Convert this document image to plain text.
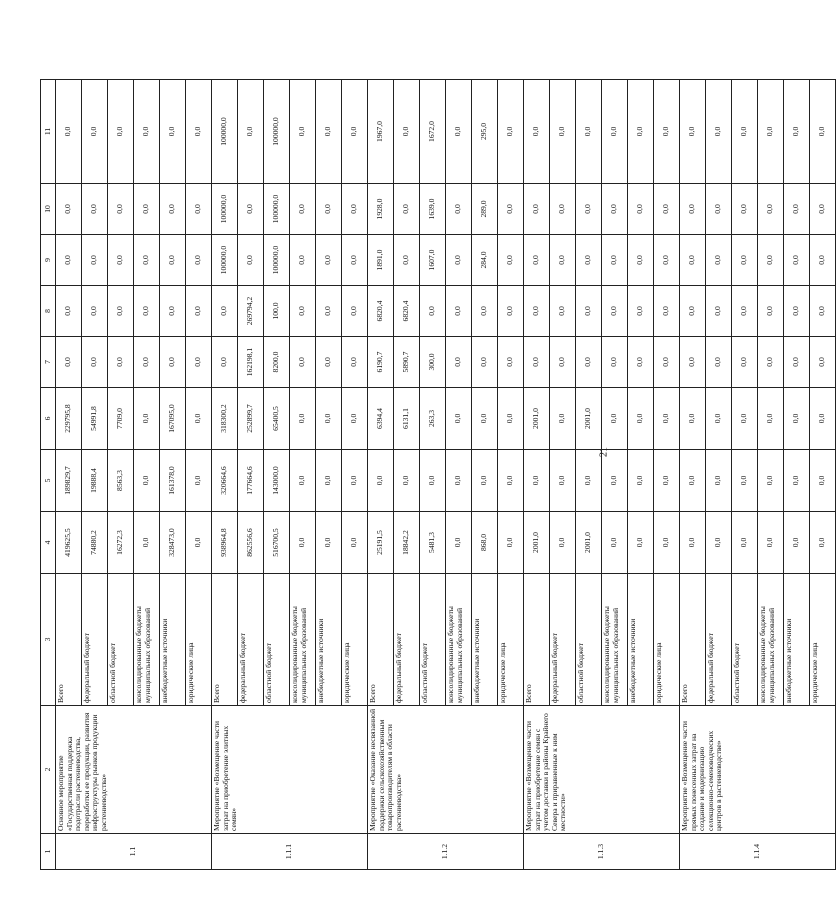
21
1	2	3	4	5	6	7	8	9	10	11
1.1	Основное мероприятие «Государственная поддержка подотрасли растениеводства, переработки ее продукции, развития инфраструктуры рынков продукции растениеводства»	Всего	419625,5	189829,7	229795,8	0,0	0,0	0,0	0,0	0,0
		федеральный бюджет	74880,2	19888,4	54991,8	0,0	0,0	0,0	0,0	0,0
		областной бюджет	16272,3	8563,3	7709,0	0,0	0,0	0,0	0,0	0,0
		консолидированные бюджеты муниципальных образований	0,0	0,0	0,0	0,0	0,0	0,0	0,0	0,0
		внебюджетные источники	328473,0	161378,0	167095,0	0,0	0,0	0,0	0,0	0,0
		юридические лица	0,0	0,0	0,0	0,0	0,0	0,0	0,0	0,0
1.1.1	Мероприятие «Возмещение части затрат на приобретение элитных семян»	Всего	938964,8	320664,6	318300,2	0,0	0,0	100000,0	100000,0	100000,0
		федеральный бюджет	862556,6	177664,6	252899,7	162198,1	269794,2	0,0	0,0	0,0
		областной бюджет	516700,5	143000,0	65400,5	8200,0	100,0	100000,0	100000,0	100000,0
		консолидированные бюджеты муниципальных образований	0,0	0,0	0,0	0,0	0,0	0,0	0,0	0,0
		внебюджетные источники	0,0	0,0	0,0	0,0	0,0	0,0	0,0	0,0
		юридические лица	0,0	0,0	0,0	0,0	0,0	0,0	0,0	0,0
1.1.2	Мероприятие «Оказание несвязанной поддержки сельскохозяйственным товаропроизводителям в области растениеводства»	Всего	25191,5	0,0	6394,4	6190,7	6820,4	1891,0	1928,0	1967,0
		федеральный бюджет	18842,2	0,0	6131,1	5890,7	6820,4	0,0	0,0	0,0
		областной бюджет	5481,3	0,0	263,3	300,0	0,0	1607,0	1639,0	1672,0
		консолидированные бюджеты муниципальных образований	0,0	0,0	0,0	0,0	0,0	0,0	0,0	0,0
		внебюджетные источники	868,0	0,0	0,0	0,0	0,0	284,0	289,0	295,0
		юридические лица	0,0	0,0	0,0	0,0	0,0	0,0	0,0	0,0
1.1.3	Мероприятие «Возмещение части затрат на приобретение семян с учетом доставки в районы Крайнего Севера и приравненные к ним местности»	Всего	2001,0	0,0	2001,0	0,0	0,0	0,0	0,0	0,0
		федеральный бюджет	0,0	0,0	0,0	0,0	0,0	0,0	0,0	0,0
		областной бюджет	2001,0	0,0	2001,0	0,0	0,0	0,0	0,0	0,0
		консолидированные бюджеты муниципальных образований	0,0	0,0	0,0	0,0	0,0	0,0	0,0	0,0
		внебюджетные источники	0,0	0,0	0,0	0,0	0,0	0,0	0,0	0,0
		юридические лица	0,0	0,0	0,0	0,0	0,0	0,0	0,0	0,0
1.1.4	Мероприятие «Возмещение части прямых понесенных затрат на создание и модернизацию селекционно-семеноводческих центров в растениеводстве»	Всего	0,0	0,0	0,0	0,0	0,0	0,0	0,0	0,0
		федеральный бюджет	0,0	0,0	0,0	0,0	0,0	0,0	0,0	0,0
		областной бюджет	0,0	0,0	0,0	0,0	0,0	0,0	0,0	0,0
		консолидированные бюджеты муниципальных образований	0,0	0,0	0,0	0,0	0,0	0,0	0,0	0,0
		внебюджетные источники	0,0	0,0	0,0	0,0	0,0	0,0	0,0	0,0
		юридические лица	0,0	0,0	0,0	0,0	0,0	0,0	0,0	0,0
